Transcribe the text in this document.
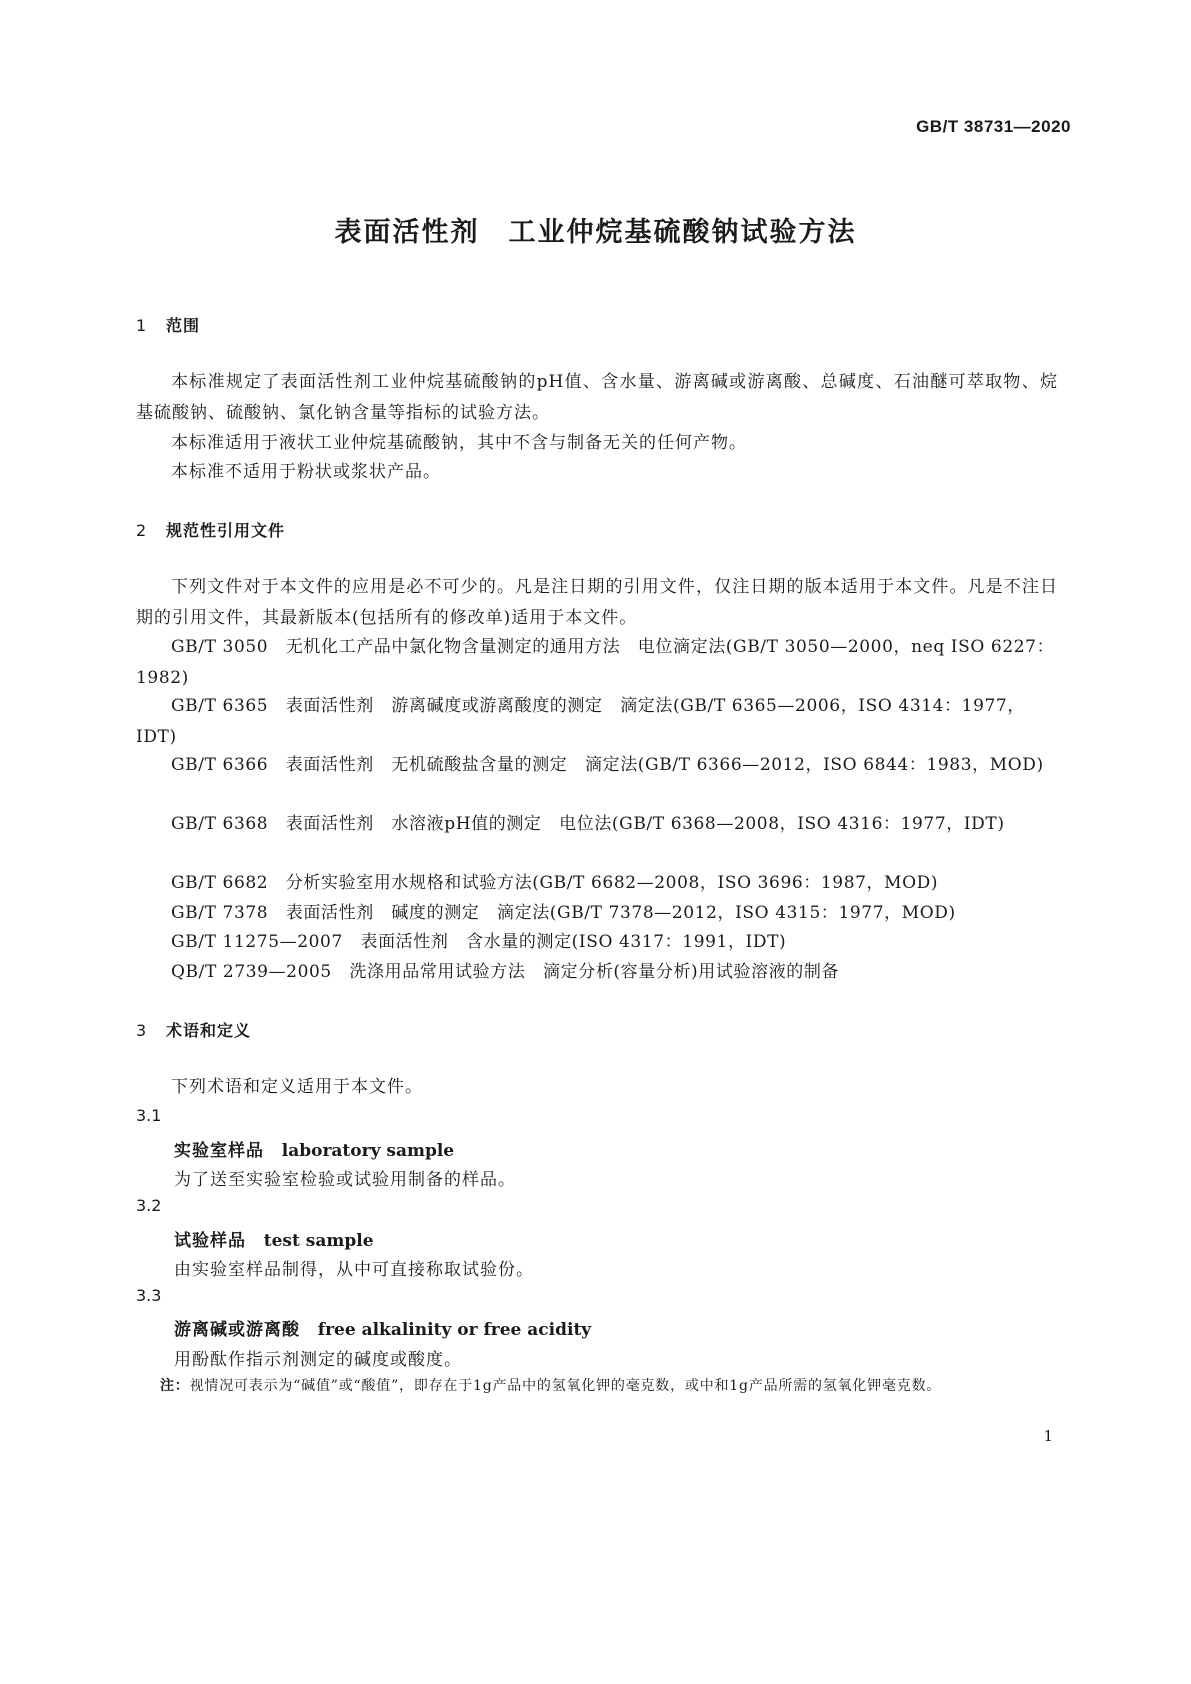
GB/T 38731—2020
表面活性剂　工业仲烷基硫酸钠试验方法
1 范围
本标准规定了表面活性剂工业仲烷基硫酸钠的pH值、含水量、游离碱或游离酸、总碱度、石油醚可萃取物、烷基硫酸钠、硫酸钠、氯化钠含量等指标的试验方法。
本标准适用于液状工业仲烷基硫酸钠，其中不含与制备无关的任何产物。
本标准不适用于粉状或浆状产品。
2 规范性引用文件
下列文件对于本文件的应用是必不可少的。凡是注日期的引用文件，仅注日期的版本适用于本文件。凡是不注日期的引用文件，其最新版本(包括所有的修改单)适用于本文件。
GB/T 3050　无机化工产品中氯化物含量测定的通用方法　电位滴定法(GB/T 3050—2000，neq ISO 6227：1982)
GB/T 6365　表面活性剂　游离碱度或游离酸度的测定　滴定法(GB/T 6365—2006，ISO 4314：1977，IDT)
GB/T 6366　表面活性剂　无机硫酸盐含量的测定　滴定法(GB/T 6366—2012，ISO 6844：1983，MOD)
GB/T 6368　表面活性剂　水溶液pH值的测定　电位法(GB/T 6368—2008，ISO 4316：1977，IDT)
GB/T 6682　分析实验室用水规格和试验方法(GB/T 6682—2008，ISO 3696：1987，MOD)
GB/T 7378　表面活性剂　碱度的测定　滴定法(GB/T 7378—2012，ISO 4315：1977，MOD)
GB/T 11275—2007　表面活性剂　含水量的测定(ISO 4317：1991，IDT)
QB/T 2739—2005　洗涤用品常用试验方法　滴定分析(容量分析)用试验溶液的制备
3 术语和定义
下列术语和定义适用于本文件。
3.1
实验室样品 laboratory sample
为了送至实验室检验或试验用制备的样品。
3.2
试验样品 test sample
由实验室样品制得，从中可直接称取试验份。
3.3
游离碱或游离酸 free alkalinity or free acidity
用酚酞作指示剂测定的碱度或酸度。
注：视情况可表示为“碱值”或“酸值”，即存在于1g产品中的氢氧化钾的毫克数，或中和1g产品所需的氢氧化钾毫克数。
1
